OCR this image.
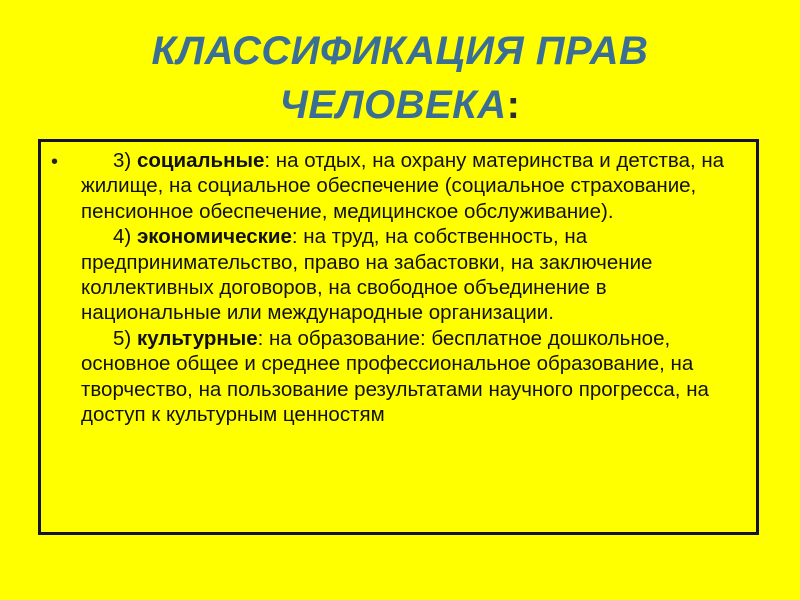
КЛАССИФИКАЦИЯ ПРАВ
ЧЕЛОВЕКА:
•	3) социальные: на отдых, на охрану материнства и детства, на жилище, на социальное обеспечение (социальное страхование, пенсионное обеспечение, медицинское обслуживание).

4) экономические: на труд, на собственность, на предпринимательство, право на забастовки, на заключение коллективных договоров, на свободное объединение в национальные или международные организации.

5) культурные: на образование: бесплатное дошкольное, основное общее и среднее профессиональное образование, на творчество, на пользование результатами научного прогресса, на доступ к культурным ценностям
